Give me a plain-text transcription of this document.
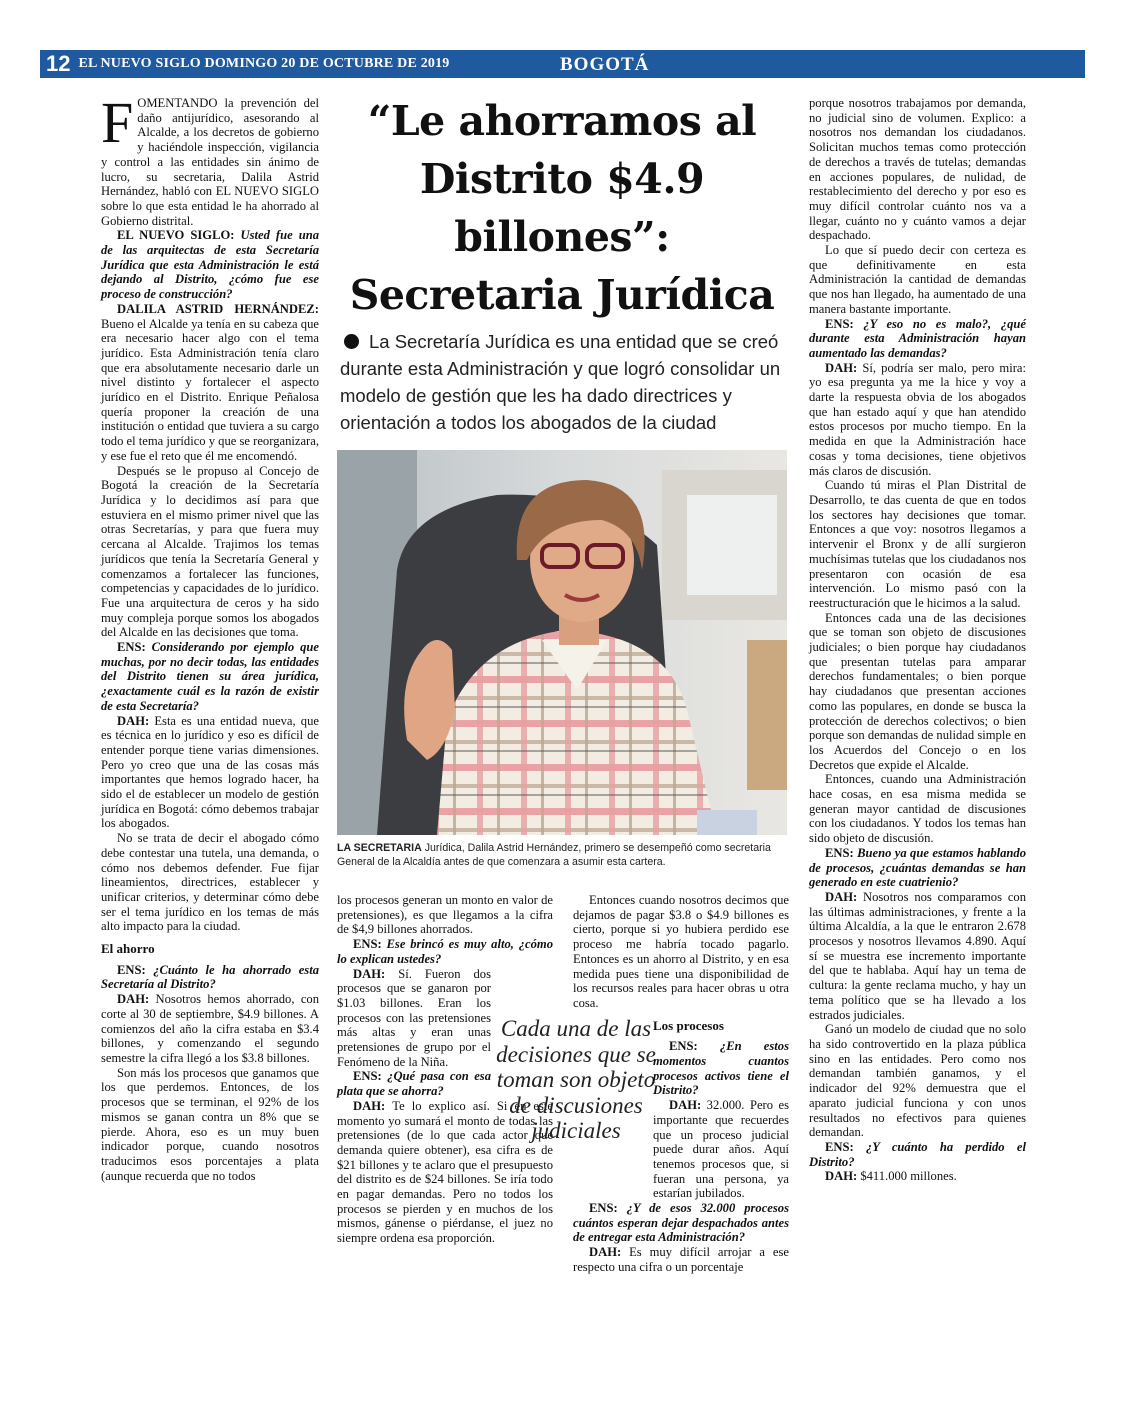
12 EL NUEVO SIGLO DOMINGO 20 DE OCTUBRE DE 2019	BOGOTÁ

FOMENTANDO la prevención del daño antijurídico, asesorando al Alcalde, a los decretos de gobierno y haciéndole inspección, vigilancia y control a las entidades sin ánimo de lucro, su secretaria, Dalila Astrid Hernández, habló con EL NUEVO SIGLO sobre lo que esta entidad le ha ahorrado al Gobierno distrital.

EL NUEVO SIGLO: Usted fue una de las arquitectas de esta Secretaría Jurídica que esta Administración le está dejando al Distrito, ¿cómo fue ese proceso de construcción?

DALILA ASTRID HERNÁNDEZ: Bueno el Alcalde ya tenía en su cabeza que era necesario hacer algo con el tema jurídico. Esta Administración tenía claro que era absolutamente necesario darle un nivel distinto y fortalecer el aspecto jurídico en el Distrito. Enrique Peñalosa quería proponer la creación de una institución o entidad que tuviera a su cargo todo el tema jurídico y que se reorganizara, y ese fue el reto que él me encomendó.

Después se le propuso al Concejo de Bogotá la creación de la Secretaría Jurídica y lo decidimos así para que estuviera en el mismo primer nivel que las otras Secretarías, y para que fuera muy cercana al Alcalde. Trajimos los temas jurídicos que tenía la Secretaría General y comenzamos a fortalecer las funciones, competencias y capacidades de lo jurídico. Fue una arquitectura de ceros y ha sido muy compleja porque somos los abogados del Alcalde en las decisiones que toma.

ENS: Considerando por ejemplo que muchas, por no decir todas, las entidades del Distrito tienen su área jurídica, ¿exactamente cuál es la razón de existir de esta Secretaría?

DAH: Esta es una entidad nueva, que es técnica en lo jurídico y eso es difícil de entender porque tiene varias dimensiones. Pero yo creo que una de las cosas más importantes que hemos logrado hacer, ha sido el de establecer un modelo de gestión jurídica en Bogotá: cómo debemos trabajar los abogados.

No se trata de decir el abogado cómo debe contestar una tutela, una demanda, o cómo nos debemos defender. Fue fijar lineamientos, directrices, establecer y unificar criterios, y determinar cómo debe ser el tema jurídico en los temas de más alto impacto para la ciudad.

El ahorro

ENS: ¿Cuánto le ha ahorrado esta Secretaría al Distrito?

DAH: Nosotros hemos ahorrado, con corte al 30 de septiembre, $4.9 billones. A comienzos del año la cifra estaba en $3.4 billones, y comenzando el segundo semestre la cifra llegó a los $3.8 billones.

Son más los procesos que ganamos que los que perdemos. Entonces, de los procesos que se terminan, el 92% de los mismos se ganan contra un 8% que se pierde. Ahora, eso es un muy buen indicador porque, cuando nosotros traducimos esos porcentajes a plata (aunque recuerda que no todos

“Le ahorramos al Distrito $4.9 billones”: Secretaria Jurídica
La Secretaría Jurídica es una entidad que se creó durante esta Administración y que logró consolidar un modelo de gestión que les ha dado directrices y orientación a todos los abogados de la ciudad
LA SECRETARIA Jurídica, Dalila Astrid Hernández, primero se desempeñó como secretaria General de la Alcaldía antes de que comenzara a asumir esta cartera.

los procesos generan un monto en valor de pretensiones), es que llegamos a la cifra de $4,9 billones ahorrados.

ENS: Ese brincó es muy alto, ¿cómo lo explican ustedes?

DAH: Sí. Fueron dos procesos que se ganaron por $1.03 billones. Eran los procesos con las pretensiones más altas y eran unas pretensiones de grupo por el Fenómeno de la Niña.

ENS: ¿Qué pasa con esa plata que se ahorra?

DAH: Te lo explico así. Si en este momento yo sumará el monto de todas las pretensiones (de lo que cada actor que demanda quiere obtener), esa cifra es de $21 billones y te aclaro que el presupuesto del distrito es de $24 billones. Se iría todo en pagar demandas. Pero no todos los procesos se pierden y en muchos de los mismos, gánense o piérdanse, el juez no siempre ordena esa proporción.

Cada una de las decisiones que se toman son objeto de discusiones judiciales

Entonces cuando nosotros decimos que dejamos de pagar $3.8 o $4.9 billones es cierto, porque si yo hubiera perdido ese proceso me habría tocado pagarlo. Entonces es un ahorro al Distrito, y en esa medida pues tiene una disponibilidad de los recursos reales para hacer obras u otra cosa.

Los procesos

ENS: ¿En estos momentos cuantos procesos activos tiene el Distrito?

DAH: 32.000. Pero es importante que recuerdes que un proceso judicial puede durar años. Aquí tenemos procesos que, si fueran una persona, ya estarían jubilados.

ENS: ¿Y de esos 32.000 procesos cuántos esperan dejar despachados antes de entregar esta Administración?

DAH: Es muy difícil arrojar a ese respecto una cifra o un porcentaje

porque nosotros trabajamos por demanda, no judicial sino de volumen. Explico: a nosotros nos demandan los ciudadanos. Solicitan muchos temas como protección de derechos a través de tutelas; demandas en acciones populares, de nulidad, de restablecimiento del derecho y por eso es muy difícil controlar cuánto nos va a llegar, cuánto no y cuánto vamos a dejar despachado.

Lo que sí puedo decir con certeza es que definitivamente en esta Administración la cantidad de demandas que nos han llegado, ha aumentado de una manera bastante importante.

ENS: ¿Y eso no es malo?, ¿qué durante esta Administración hayan aumentado las demandas?

DAH: Sí, podría ser malo, pero mira: yo esa pregunta ya me la hice y voy a darte la respuesta obvia de los abogados que han estado aquí y que han atendido estos procesos por mucho tiempo. En la medida en que la Administración hace cosas y toma decisiones, tiene objetivos más claros de discusión.

Cuando tú miras el Plan Distrital de Desarrollo, te das cuenta de que en todos los sectores hay decisiones que tomar. Entonces a que voy: nosotros llegamos a intervenir el Bronx y de allí surgieron muchísimas tutelas que los ciudadanos nos presentaron con ocasión de esa intervención. Lo mismo pasó con la reestructuración que le hicimos a la salud.

Entonces cada una de las decisiones que se toman son objeto de discusiones judiciales; o bien porque hay ciudadanos que presentan tutelas para amparar derechos fundamentales; o bien porque hay ciudadanos que presentan acciones como las populares, en donde se busca la protección de derechos colectivos; o bien porque son demandas de nulidad simple en los Acuerdos del Concejo o en los Decretos que expide el Alcalde.

Entonces, cuando una Administración hace cosas, en esa misma medida se generan mayor cantidad de discusiones con los ciudadanos. Y todos los temas han sido objeto de discusión.

ENS: Bueno ya que estamos hablando de procesos, ¿cuántas demandas se han generado en este cuatrienio?

DAH: Nosotros nos comparamos con las últimas administraciones, y frente a la última Alcaldía, a la que le entraron 2.678 procesos y nosotros llevamos 4.890. Aquí sí se muestra ese incremento importante del que te hablaba. Aquí hay un tema de cultura: la gente reclama mucho, y hay un tema político que se ha llevado a los estrados judiciales.

Ganó un modelo de ciudad que no solo ha sido controvertido en la plaza pública sino en las entidades. Pero como nos demandan también ganamos, y el indicador del 92% demuestra que el aparato judicial funciona y con unos resultados no efectivos para quienes demandan.

ENS: ¿Y cuánto ha perdido el Distrito?

DAH: $411.000 millones.
